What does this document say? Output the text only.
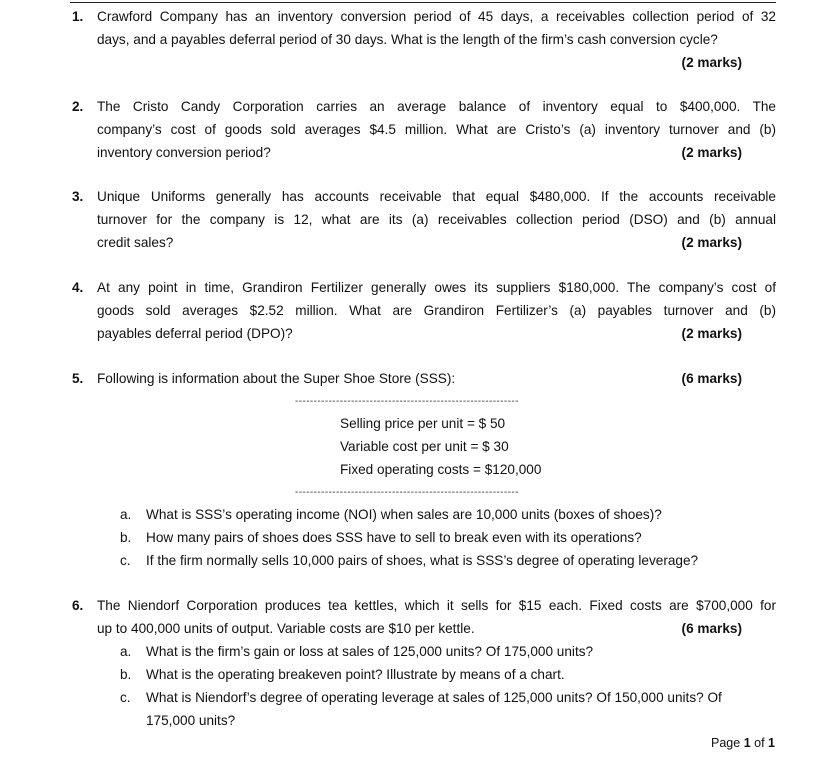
1. Crawford Company has an inventory conversion period of 45 days, a receivables collection period of 32
days, and a payables deferral period of 30 days. What is the length of the firm’s cash conversion cycle?
(2 marks)
2. The Cristo Candy Corporation carries an average balance of inventory equal to $400,000. The
company’s cost of goods sold averages $4.5 million. What are Cristo’s (a) inventory turnover and (b)
inventory conversion period?	(2 marks)
3. Unique Uniforms generally has accounts receivable that equal $480,000. If the accounts receivable
turnover for the company is 12, what are its (a) receivables collection period (DSO) and (b) annual
credit sales?	(2 marks)
4. At any point in time, Grandiron Fertilizer generally owes its suppliers $180,000. The company’s cost of
goods sold averages $2.52 million. What are Grandiron Fertilizer’s (a) payables turnover and (b)
payables deferral period (DPO)?	(2 marks)
5. Following is information about the Super Shoe Store (SSS):	(6 marks)
------------------------------------------------------------
Selling price per unit = $ 50
Variable cost per unit = $ 30
Fixed operating costs = $120,000
------------------------------------------------------------
a. What is SSS’s operating income (NOI) when sales are 10,000 units (boxes of shoes)?
b. How many pairs of shoes does SSS have to sell to break even with its operations?
c. If the firm normally sells 10,000 pairs of shoes, what is SSS’s degree of operating leverage?
6. The Niendorf Corporation produces tea kettles, which it sells for $15 each. Fixed costs are $700,000 for
up to 400,000 units of output. Variable costs are $10 per kettle.	(6 marks)
a. What is the firm’s gain or loss at sales of 125,000 units? Of 175,000 units?
b. What is the operating breakeven point? Illustrate by means of a chart.
c. What is Niendorf’s degree of operating leverage at sales of 125,000 units? Of 150,000 units? Of
175,000 units?
Page 1 of 1
